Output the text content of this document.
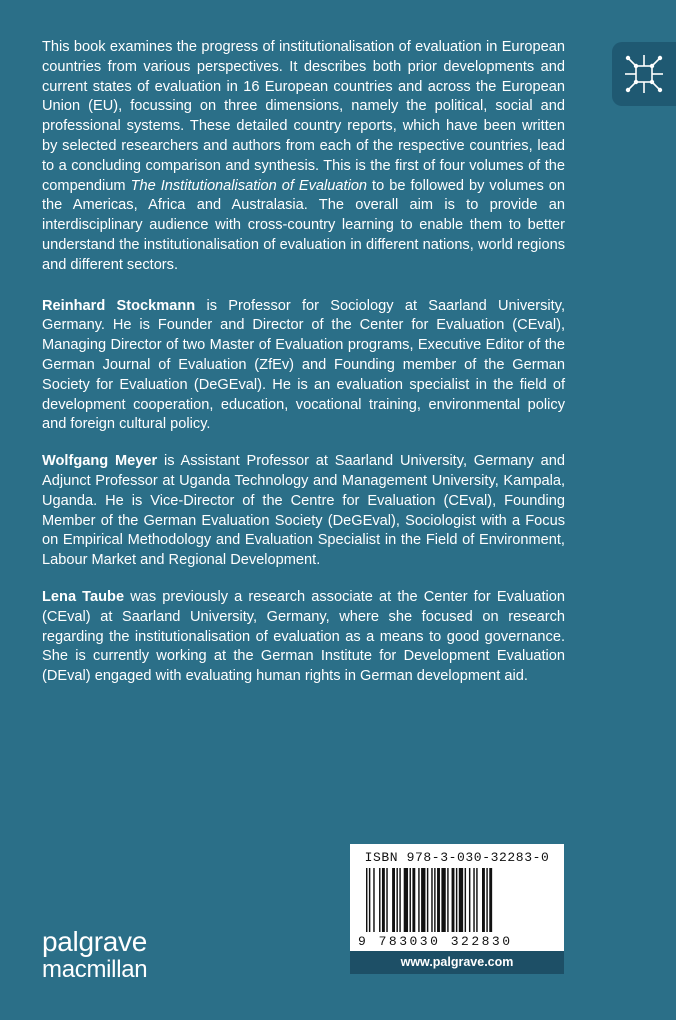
This book examines the progress of institutionalisation of evaluation in European countries from various perspectives. It describes both prior developments and current states of evaluation in 16 European countries and across the European Union (EU), focussing on three dimensions, namely the political, social and professional systems. These detailed country reports, which have been written by selected researchers and authors from each of the respective countries, lead to a concluding comparison and synthesis. This is the first of four volumes of the compendium The Institutionalisation of Evaluation to be followed by volumes on the Americas, Africa and Australasia. The overall aim is to provide an interdisciplinary audience with cross-country learning to enable them to better understand the institutionalisation of evaluation in different nations, world regions and different sectors.

Reinhard Stockmann is Professor for Sociology at Saarland University, Germany. He is Founder and Director of the Center for Evaluation (CEval), Managing Director of two Master of Evaluation programs, Executive Editor of the German Journal of Evaluation (ZfEv) and Founding member of the German Society for Evaluation (DeGEval). He is an evaluation specialist in the field of development cooperation, education, vocational training, environmental policy and foreign cultural policy.

Wolfgang Meyer is Assistant Professor at Saarland University, Germany and Adjunct Professor at Uganda Technology and Management University, Kampala, Uganda. He is Vice-Director of the Centre for Evaluation (CEval), Founding Member of the German Evaluation Society (DeGEval), Sociologist with a Focus on Empirical Methodology and Evaluation Specialist in the Field of Environment, Labour Market and Regional Development.

Lena Taube was previously a research associate at the Center for Evaluation (CEval) at Saarland University, Germany, where she focused on research regarding the institutionalisation of evaluation as a means to good governance. She is currently working at the German Institute for Development Evaluation (DEval) engaged with evaluating human rights in German development aid.

palgrave
macmillan
ISBN 978-3-030-32283-0
9 783030 322830
www.palgrave.com
